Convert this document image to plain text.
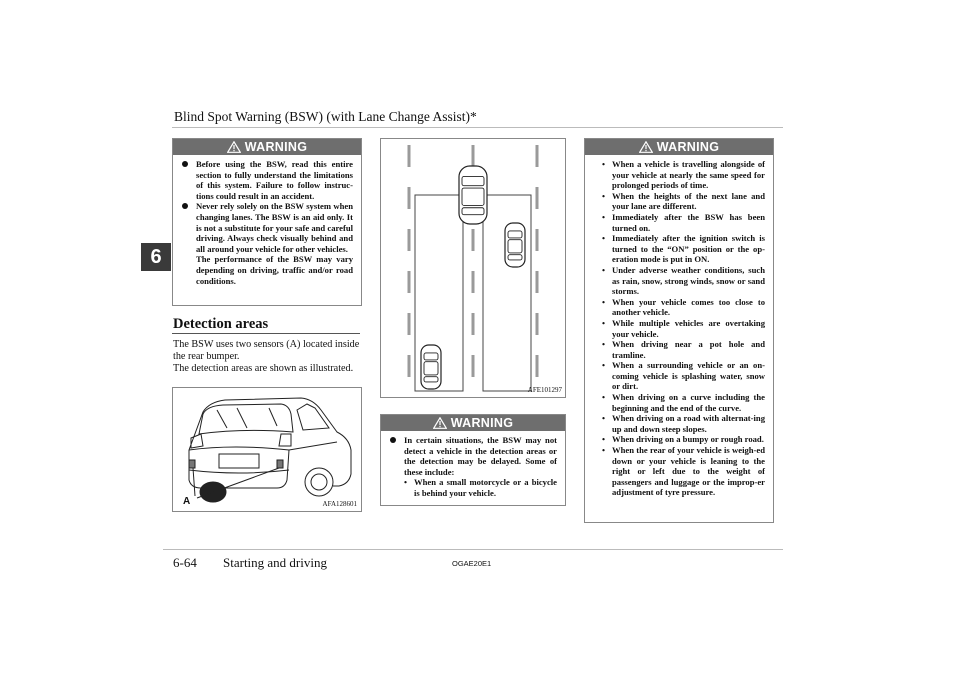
Blind Spot Warning (BSW) (with Lane Change Assist)*
6
WARNING

Before using the BSW, read this entire section to fully understand the limitations of this system. Failure to follow instruc-tions could result in an accident.

Never rely solely on the BSW system when changing lanes. The BSW is an aid only. It is not a substitute for your safe and careful driving. Always check visually behind and all around your vehicle for other vehicles.

The performance of the BSW may vary depending on driving, traffic and/or road conditions.

Detection areas
The BSW uses two sensors (A) located inside the rear bumper.
The detection areas are shown as illustrated.
A	AFA128601
AFE101297
WARNING

In certain situations, the BSW may not detect a vehicle in the detection areas or the detection may be delayed. Some of these include:

• When a small motorcycle or a bicycle is behind your vehicle.

WARNING

• When a vehicle is travelling alongside of your vehicle at nearly the same speed for prolonged periods of time.

• When the heights of the next lane and your lane are different.

• Immediately after the BSW has been turned on.

• Immediately after the ignition switch is turned to the “ON” position or the op-eration mode is put in ON.

• Under adverse weather conditions, such as rain, snow, strong winds, snow or sand storms.

• When your vehicle comes too close to another vehicle.

• While multiple vehicles are overtaking your vehicle.

• When driving near a pot hole and tramline.

• When a surrounding vehicle or an on-coming vehicle is splashing water, snow or dirt.

• When driving on a curve including the beginning and the end of the curve.

• When driving on a road with alternat-ing up and down steep slopes.

• When driving on a bumpy or rough road.

• When the rear of your vehicle is weigh-ed down or your vehicle is leaning to the right or left due to the weight of passengers and luggage or the improp-er adjustment of tyre pressure.

6-64 Starting and driving	OGAE20E1
